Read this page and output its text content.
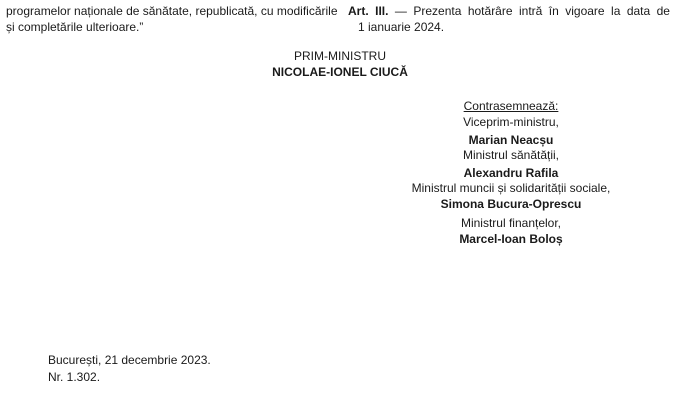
programelor naționale de sănătate, republicată, cu modificările
și completările ulterioare.”
Art. III. — Prezenta hotărâre intră în vigoare la data de
1 ianuarie 2024.
PRIM-MINISTRU
NICOLAE-IONEL CIUCĂ
Contrasemnează:
Viceprim-ministru,
Marian Neacșu
Ministrul sănătății,
Alexandru Rafila
Ministrul muncii și solidarității sociale,
Simona Bucura-Oprescu
Ministrul finanțelor,
Marcel-Ioan Boloș
București, 21 decembrie 2023.
Nr. 1.302.
